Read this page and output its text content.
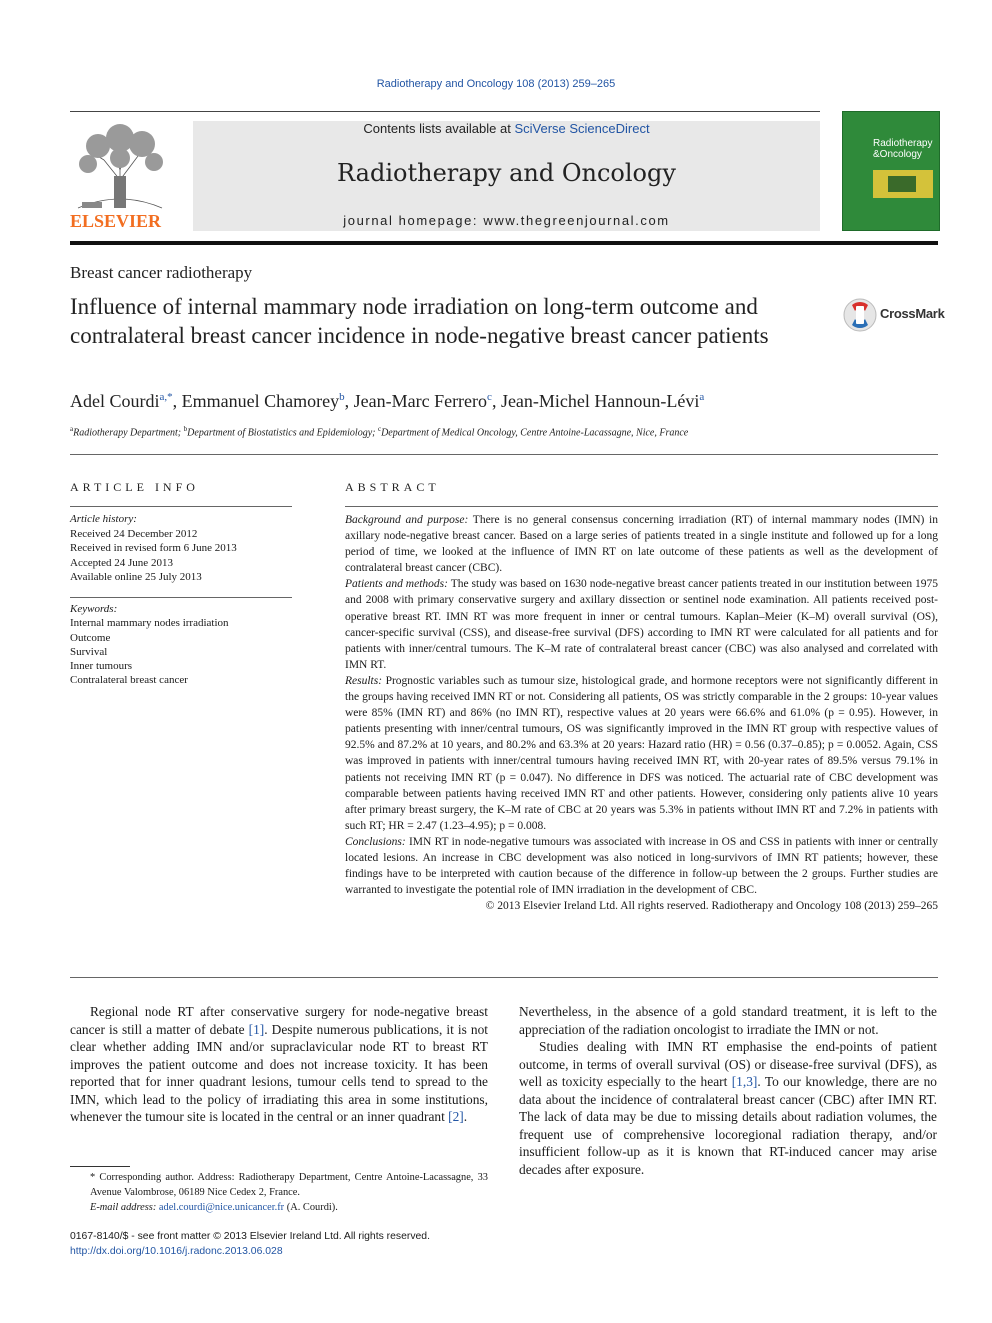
Radiotherapy and Oncology 108 (2013) 259–265
ELSEVIER
Contents lists available at SciVerse ScienceDirect
Radiotherapy and Oncology
journal homepage: www.thegreenjournal.com
Radiotherapy
&Oncology
Breast cancer radiotherapy
Influence of internal mammary node irradiation on long-term outcome and contralateral breast cancer incidence in node-negative breast cancer patients
CrossMark
Adel Courdi$^{a,*}$, Emmanuel Chamorey$^b$, Jean-Marc Ferrero$^c$, Jean-Michel Hannoun-Lévi$^a$
$^a$Radiotherapy Department; $^b$Department of Biostatistics and Epidemiology; $^c$Department of Medical Oncology, Centre Antoine-Lacassagne, Nice, France
ARTICLE INFO	ABSTRACT
Article history:
Received 24 December 2012
Received in revised form 6 June 2013
Accepted 24 June 2013
Available online 25 July 2013
Keywords:
Internal mammary nodes irradiation
Outcome
Survival
Inner tumours
Contralateral breast cancer

Background and purpose: There is no general consensus concerning irradiation (RT) of internal mammary nodes (IMN) in axillary node-negative breast cancer. Based on a large series of patients treated in a single institute and followed up for a long period of time, we looked at the influence of IMN RT on late outcome of these patients as well as the development of contralateral breast cancer (CBC).

Patients and methods: The study was based on 1630 node-negative breast cancer patients treated in our institution between 1975 and 2008 with primary conservative surgery and axillary dissection or sentinel node examination. All patients received post-operative breast RT. IMN RT was more frequent in inner or central tumours. Kaplan–Meier (K–M) overall survival (OS), cancer-specific survival (CSS), and disease-free survival (DFS) according to IMN RT were calculated for all patients and for patients with inner/central tumours. The K–M rate of contralateral breast cancer (CBC) was also analysed and correlated with IMN RT.

Results: Prognostic variables such as tumour size, histological grade, and hormone receptors were not significantly different in the groups having received IMN RT or not. Considering all patients, OS was strictly comparable in the 2 groups: 10-year values were 85% (IMN RT) and 86% (no IMN RT), respective values at 20 years were 66.6% and 61.0% (p = 0.95). However, in patients presenting with inner/central tumours, OS was significantly improved in the IMN RT group with respective values of 92.5% and 87.2% at 10 years, and 80.2% and 63.3% at 20 years: Hazard ratio (HR) = 0.56 (0.37–0.85); p = 0.0052. Again, CSS was improved in patients with inner/central tumours having received IMN RT, with 20-year rates of 89.5% versus 79.1% in patients not receiving IMN RT (p = 0.047). No difference in DFS was noticed. The actuarial rate of CBC development was comparable between patients having received IMN RT and other patients. However, considering only patients alive 10 years after primary breast surgery, the K–M rate of CBC at 20 years was 5.3% in patients without IMN RT and 7.2% in patients with such RT; HR = 2.47 (1.23–4.95); p = 0.008.

Conclusions: IMN RT in node-negative tumours was associated with increase in OS and CSS in patients with inner or centrally located lesions. An increase in CBC development was also noticed in long-survivors of IMN RT patients; however, these findings have to be interpreted with caution because of the difference in follow-up between the 2 groups. Further studies are warranted to investigate the potential role of IMN irradiation in the development of CBC.

© 2013 Elsevier Ireland Ltd. All rights reserved. Radiotherapy and Oncology 108 (2013) 259–265

Regional node RT after conservative surgery for node-negative breast cancer is still a matter of debate [1]. Despite numerous publications, it is not clear whether adding IMN and/or supraclavicular node RT to breast RT improves the patient outcome and does not increase toxicity. It has been reported that for inner quadrant lesions, tumour cells tend to spread to the IMN, which lead to the policy of irradiating this area in some institutions, whenever the tumour site is located in the central or an inner quadrant [2].

Nevertheless, in the absence of a gold standard treatment, it is left to the appreciation of the radiation oncologist to irradiate the IMN or not.

Studies dealing with IMN RT emphasise the end-points of patient outcome, in terms of overall survival (OS) or disease-free survival (DFS), as well as toxicity especially to the heart [1,3]. To our knowledge, there are no data about the incidence of contralateral breast cancer (CBC) after IMN RT. The lack of data may be due to missing details about radiation volumes, the frequent use of comprehensive locoregional radiation therapy, and/or insufficient follow-up as it is known that RT-induced cancer may arise decades after exposure.

* Corresponding author. Address: Radiotherapy Department, Centre Antoine-Lacassagne, 33 Avenue Valombrose, 06189 Nice Cedex 2, France.

E-mail address: adel.courdi@nice.unicancer.fr (A. Courdi).

0167-8140/$ - see front matter © 2013 Elsevier Ireland Ltd. All rights reserved.
http://dx.doi.org/10.1016/j.radonc.2013.06.028
